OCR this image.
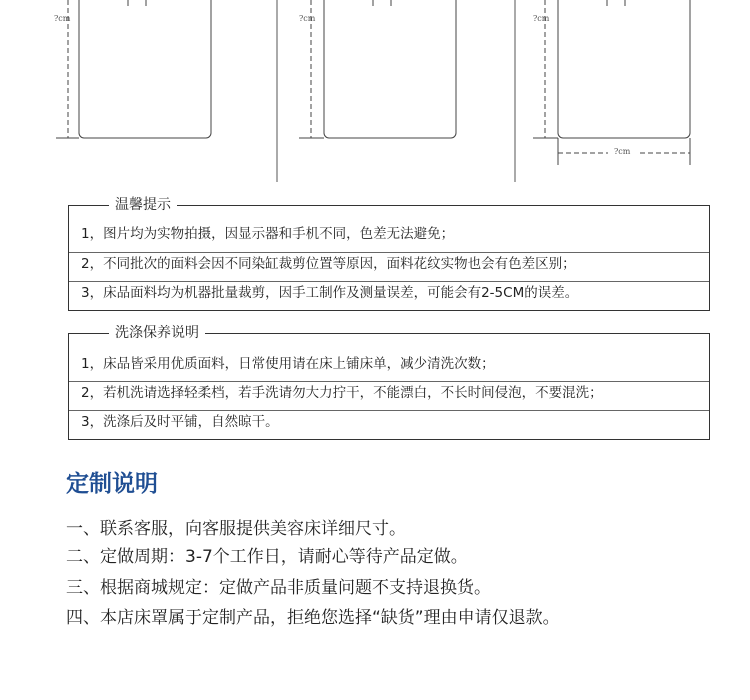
?cm	?cm	?cm
?cm
温馨提示
1，图片均为实物拍摄，因显示器和手机不同，色差无法避免；
2，不同批次的面料会因不同染缸裁剪位置等原因，面料花纹实物也会有色差区别；
3，床品面料均为机器批量裁剪，因手工制作及测量误差，可能会有2-5CM的误差。
洗涤保养说明
1，床品皆采用优质面料，日常使用请在床上铺床单，减少清洗次数；
2，若机洗请选择轻柔档，若手洗请勿大力拧干，不能漂白，不长时间侵泡，不要混洗；
3，洗涤后及时平铺，自然晾干。
定制说明
一、联系客服，向客服提供美容床详细尺寸。
二、定做周期：3-7个工作日，请耐心等待产品定做。
三、根据商城规定：定做产品非质量问题不支持退换货。
四、本店床罩属于定制产品，拒绝您选择“缺货”理由申请仅退款。
